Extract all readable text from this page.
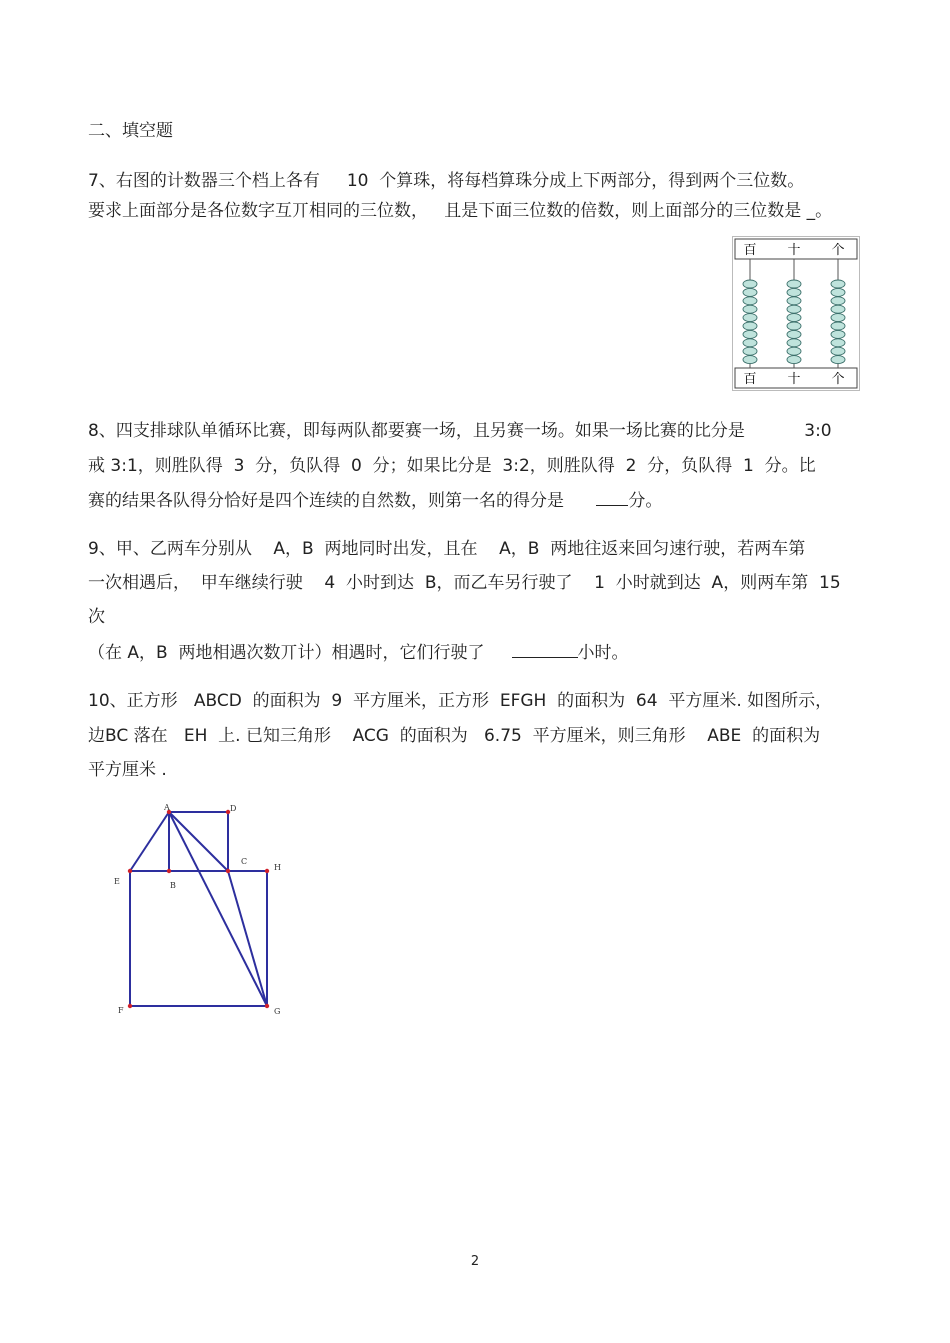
二、填空题
7、右图的计数器三个档上各有     10  个算珠，将每档算珠分成上下两部分，得到两个三位数。
要求上面部分是各位数字互丌相同的三位数，   且是下面三位数的倍数，则上面部分的三位数是 _。
百 十 个
百 十 个
8、四支排球队单循环比赛，即每两队都要赛一场，且另赛一场。如果一场比赛的比分是           3:0
戒 3:1，则胜队得  3  分，负队得  0  分；如果比分是  3:2，则胜队得  2  分，负队得  1  分。比
赛的结果各队得分恰好是四个连续的自然数，则第一名的得分是      分。
9、甲、乙两车分别从    A，B  两地同时出发，且在    A，B  两地往返来回匀速行驶，若两车第
一次相遇后，  甲车继续行驶    4  小时到达  B，而乙车另行驶了    1  小时就到达  A，则两车第  15
次
（在 A，B  两地相遇次数丌计）相遇时，它们行驶了	小时。
10、正方形   ABCD  的面积为  9  平方厘米，正方形  EFGH  的面积为  64  平方厘米. 如图所示，
边BC 落在   EH  上. 已知三角形    ACG  的面积为   6.75  平方厘米，则三角形    ABE  的面积为
平方厘米 .
A	D
C
H
E	B
F	G
2
